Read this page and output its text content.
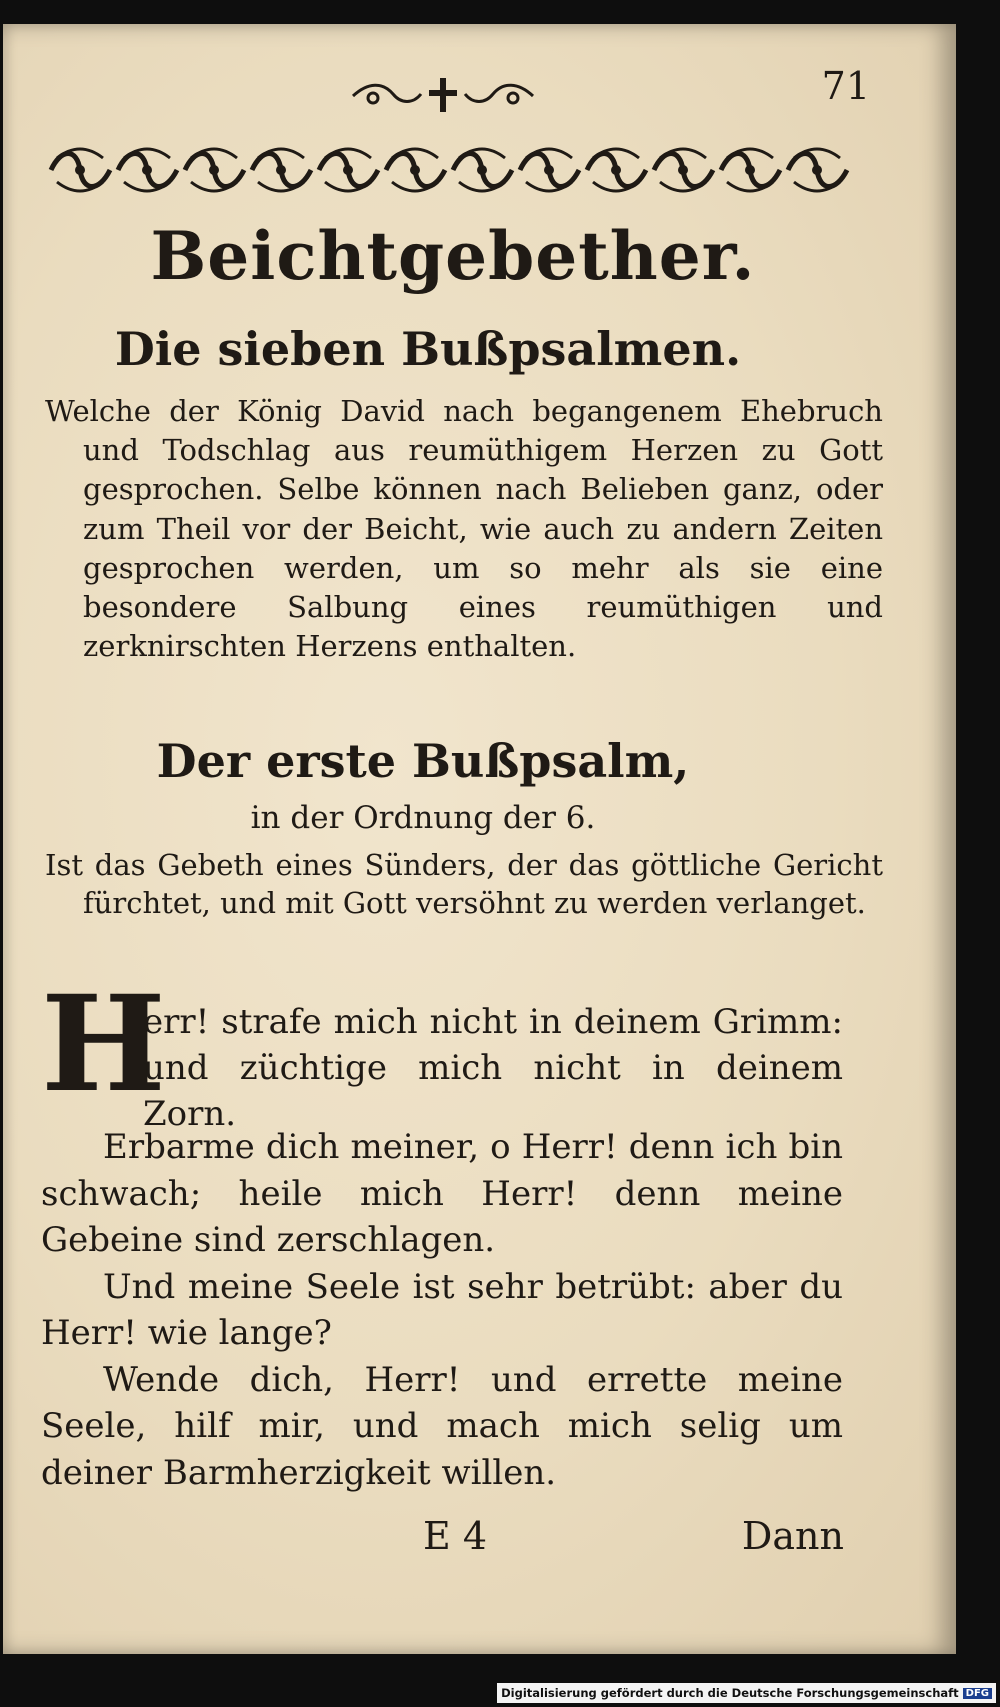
71
Beichtgebether.
Die sieben Bußpsalmen.

Welche der König David nach begangenem Ehebruch und Todschlag aus reumüthigem Herzen zu Gott gesprochen. Selbe können nach Belieben ganz, oder zum Theil vor der Beicht, wie auch zu andern Zeiten gesprochen werden, um so mehr als sie eine besondere Salbung eines reumüthigen und zerknirschten Herzens enthalten.

Der erste Bußpsalm,
in der Ordnung der 6.

Ist das Gebeth eines Sünders, der das göttliche Gericht fürchtet, und mit Gott versöhnt zu werden verlanget.

H

err! strafe mich nicht in deinem Grimm: und züchtige mich nicht in deinem Zorn.

Erbarme dich meiner, o Herr! denn ich bin schwach; heile mich Herr! denn meine Gebeine sind zerschlagen.

Und meine Seele ist sehr betrübt: aber du Herr! wie lange?

Wende dich, Herr! und errette meine Seele, hilf mir, und mach mich selig um deiner Barmherzigkeit willen.

E 4	Dann
Digitalisierung gefördert durch die Deutsche Forschungsgemeinschaft DFG
